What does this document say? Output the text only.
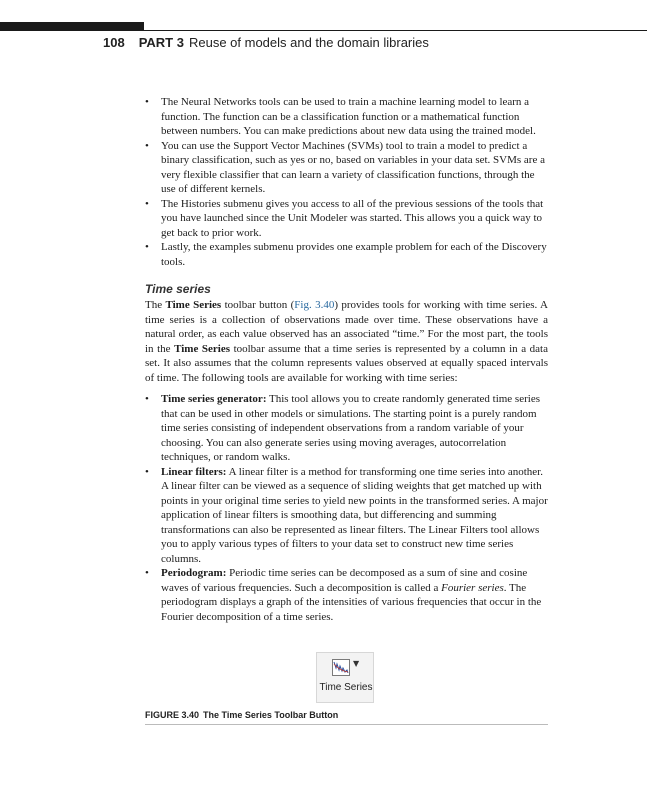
108 PART 3 Reuse of models and the domain libraries
• The Neural Networks tools can be used to train a machine learning model to learn a function. The function can be a classification function or a mathematical function between numbers. You can make predictions about new data using the trained model.
• You can use the Support Vector Machines (SVMs) tool to train a model to predict a binary classification, such as yes or no, based on variables in your data set. SVMs are a very flexible classifier that can learn a variety of classification functions, through the use of different kernels.
• The Histories submenu gives you access to all of the previous sessions of the tools that you have launched since the Unit Modeler was started. This allows you a quick way to get back to prior work.
• Lastly, the examples submenu provides one example problem for each of the Discovery tools.
Time series

The Time Series toolbar button (Fig. 3.40) provides tools for working with time series. A time series is a collection of observations made over time. These observations have a natural order, as each value observed has an associated “time.” For the most part, the tools in the Time Series toolbar assume that a time series is represented by a column in a data set. It also assumes that the column represents values observed at equally spaced intervals of time. The following tools are available for working with time series:

• Time series generator: This tool allows you to create randomly generated time series that can be used in other models or simulations. The starting point is a purely random time series consisting of independent observations from a random variable of your choosing. You can also generate series using moving averages, autocorrelation techniques, or random walks.
• Linear filters: A linear filter is a method for transforming one time series into another. A linear filter can be viewed as a sequence of sliding weights that get matched up with points in your original time series to yield new points in the transformed series. A major application of linear filters is smoothing data, but differencing and summing transformations can also be represented as linear filters. The Linear Filters tool allows you to apply various types of filters to your data set to construct new time series columns.
• Periodogram: Periodic time series can be decomposed as a sum of sine and cosine waves of various frequencies. Such a decomposition is called a Fourier series. The periodogram displays a graph of the intensities of various frequencies that occur in the Fourier decomposition of a time series.
▼
Time Series
FIGURE 3.40 The Time Series Toolbar Button
